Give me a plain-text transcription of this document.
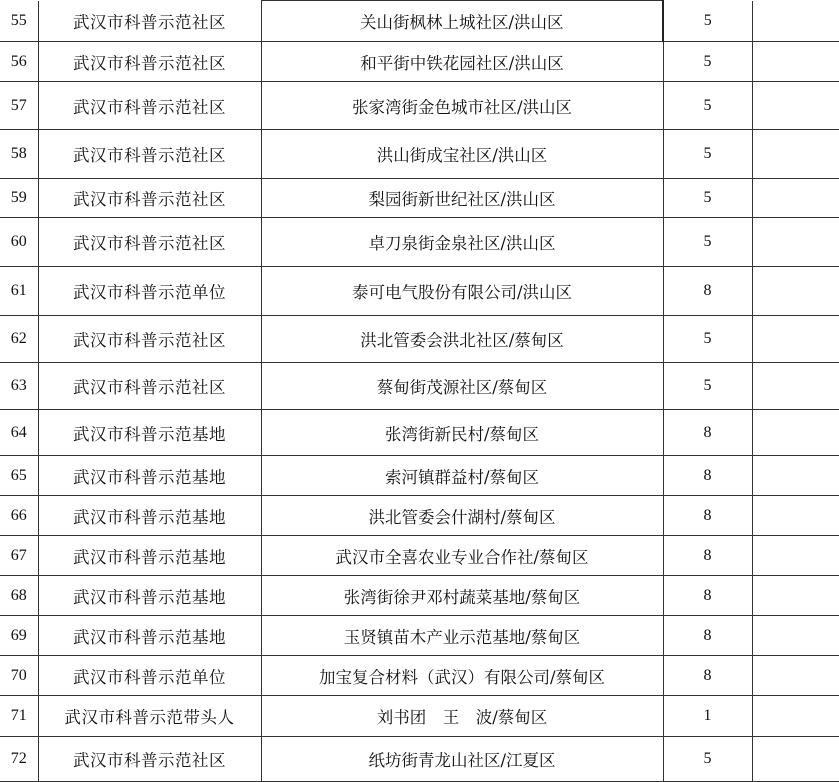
55	武汉市科普示范社区	关山街枫林上城社区/洪山区	5	
56	武汉市科普示范社区	和平街中铁花园社区/洪山区	5	
57	武汉市科普示范社区	张家湾街金色城市社区/洪山区	5	
58	武汉市科普示范社区	洪山街成宝社区/洪山区	5	
59	武汉市科普示范社区	梨园街新世纪社区/洪山区	5	
60	武汉市科普示范社区	卓刀泉街金泉社区/洪山区	5	
61	武汉市科普示范单位	泰可电气股份有限公司/洪山区	8	
62	武汉市科普示范社区	洪北管委会洪北社区/蔡甸区	5	
63	武汉市科普示范社区	蔡甸街茂源社区/蔡甸区	5	
64	武汉市科普示范基地	张湾街新民村/蔡甸区	8	
65	武汉市科普示范基地	索河镇群益村/蔡甸区	8	
66	武汉市科普示范基地	洪北管委会什湖村/蔡甸区	8	
67	武汉市科普示范基地	武汉市全喜农业专业合作社/蔡甸区	8	
68	武汉市科普示范基地	张湾街徐尹邓村蔬菜基地/蔡甸区	8	
69	武汉市科普示范基地	玉贤镇苗木产业示范基地/蔡甸区	8	
70	武汉市科普示范单位	加宝复合材料（武汉）有限公司/蔡甸区	8	
71	武汉市科普示范带头人	刘书团　王　波/蔡甸区	1	
72	武汉市科普示范社区	纸坊街青龙山社区/江夏区	5	
